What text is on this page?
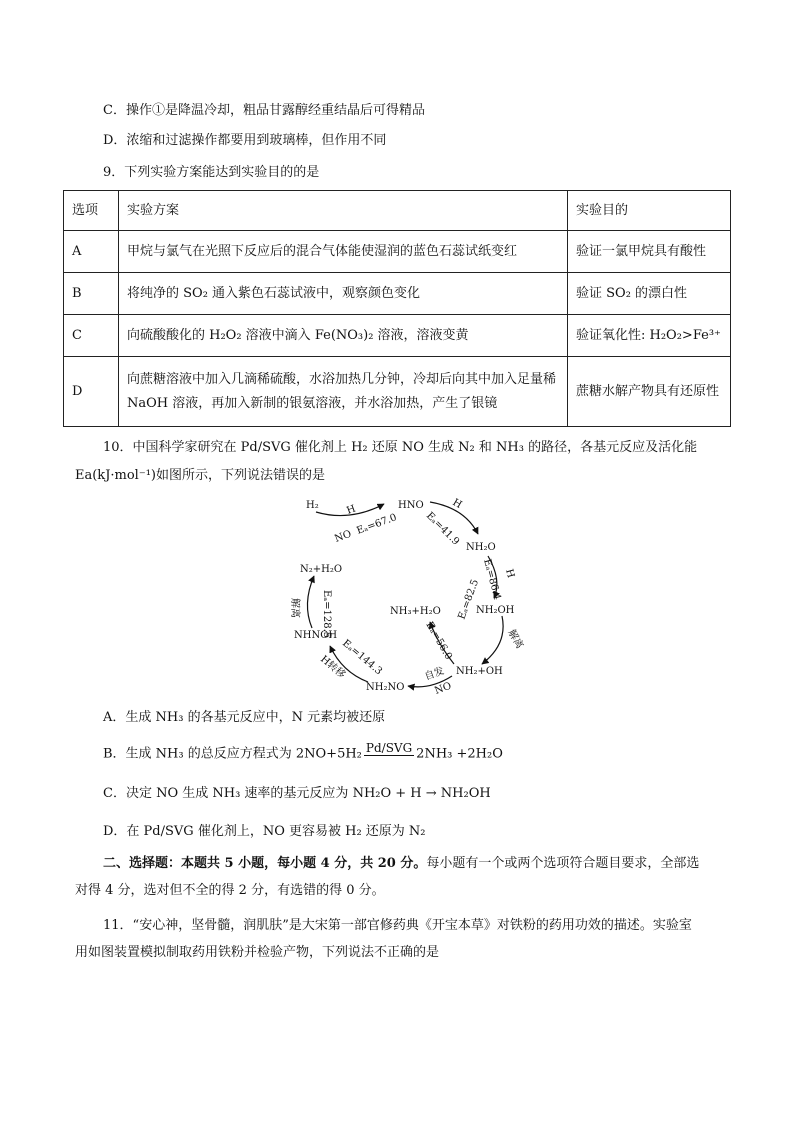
C．操作①是降温冷却，粗品甘露醇经重结晶后可得精品
D．浓缩和过滤操作都要用到玻璃棒，但作用不同
9．下列实验方案能达到实验目的的是
选项	实验方案	实验目的
A	甲烷与氯气在光照下反应后的混合气体能使湿润的蓝色石蕊试纸变红	验证一氯甲烷具有酸性
B	将纯净的 SO₂ 通入紫色石蕊试液中，观察颜色变化	验证 SO₂ 的漂白性
C	向硫酸酸化的 H₂O₂ 溶液中滴入 Fe(NO₃)₂ 溶液，溶液变黄	验证氧化性: H₂O₂>Fe³⁺
D	向蔗糖溶液中加入几滴稀硫酸，水浴加热几分钟，冷却后向其中加入足量稀 NaOH 溶液，再加入新制的银氨溶液，并水浴加热，产生了银镜	蔗糖水解产物具有还原性
10．中国科学家研究在 Pd/SVG 催化剂上 H₂ 还原 NO 生成 N₂ 和 NH₃ 的路径，各基元反应及活化能
Ea(kJ·mol⁻¹)如图所示，下列说法错误的是
H₂	H
NO Eₐ=67.0
HNO	H
Eₐ=41.9 NH₂O
Eₐ=86.4 H
NH₂OH
NH₃+H₂O Eₐ=82.5
解离
Eₐ=56.0
NH₂+OH
自发
NO
NH₂NO
H转移
Eₐ=144.3
NHNOH
解离 Eₐ=128.5
N₂+H₂O
A．生成 NH₃ 的各基元反应中，N 元素均被还原
B．生成 NH₃ 的总反应方程式为 2NO+5H₂ Pd/SVG 2NH₃ +2H₂O
C．决定 NO 生成 NH₃ 速率的基元反应为 NH₂O + H → NH₂OH
D．在 Pd/SVG 催化剂上，NO 更容易被 H₂ 还原为 N₂
二、选择题：本题共 5 小题，每小题 4 分，共 20 分。每小题有一个或两个选项符合题目要求，全部选
对得 4 分，选对但不全的得 2 分，有选错的得 0 分。
11．“安心神，坚骨髓，润肌肤”是大宋第一部官修药典《开宝本草》对铁粉的药用功效的描述。实验室
用如图装置模拟制取药用铁粉并检验产物，下列说法不正确的是
